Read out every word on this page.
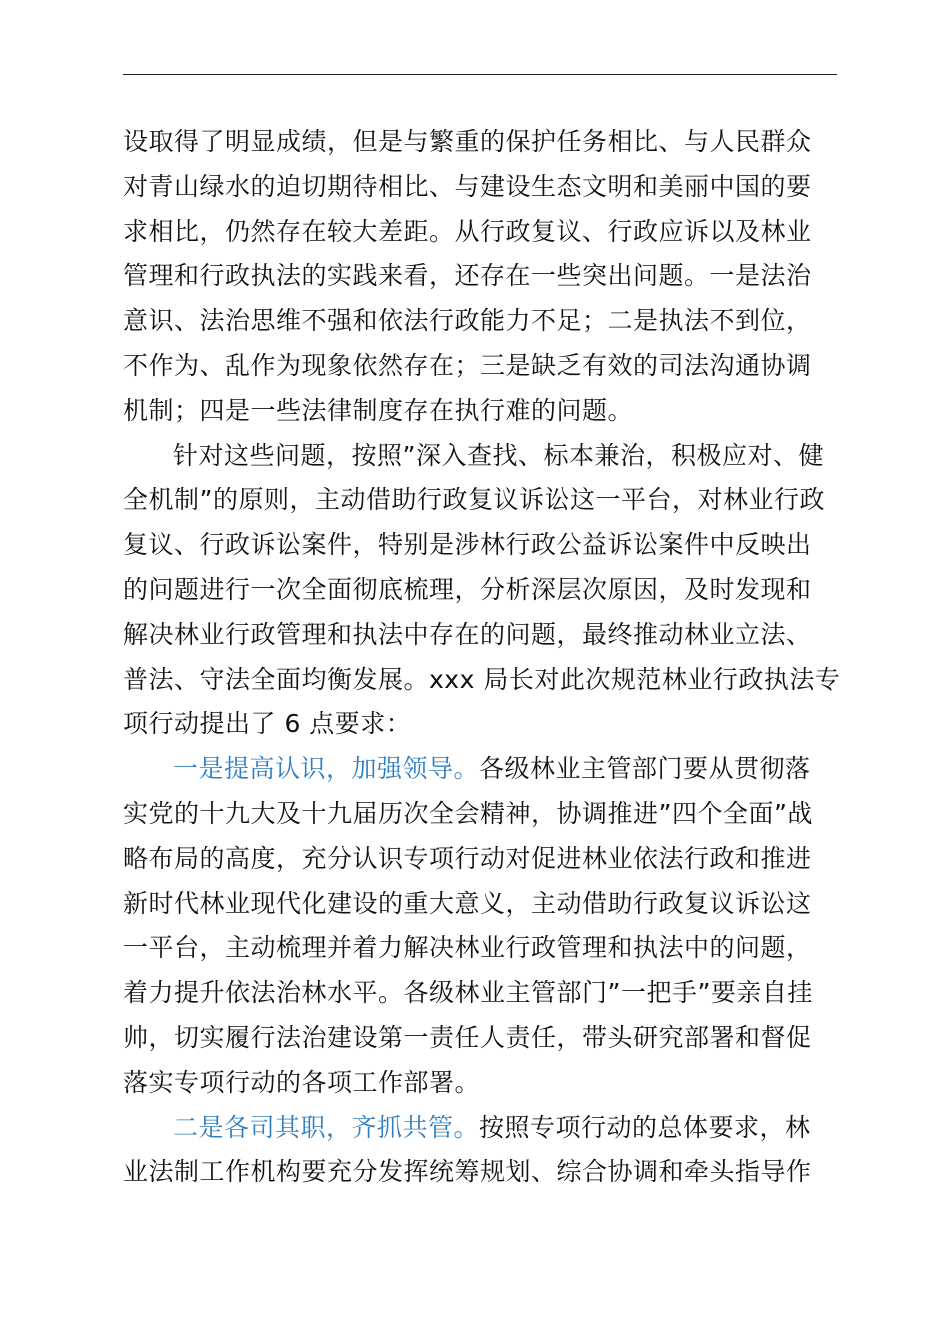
设取得了明显成绩，但是与繁重的保护任务相比、与人民群众
对青山绿水的迫切期待相比、与建设生态文明和美丽中国的要
求相比，仍然存在较大差距。从行政复议、行政应诉以及林业
管理和行政执法的实践来看，还存在一些突出问题。一是法治
意识、法治思维不强和依法行政能力不足；二是执法不到位，
不作为、乱作为现象依然存在；三是缺乏有效的司法沟通协调
机制；四是一些法律制度存在执行难的问题。

针对这些问题，按照”深入查找、标本兼治，积极应对、健
全机制”的原则，主动借助行政复议诉讼这一平台，对林业行政
复议、行政诉讼案件，特别是涉林行政公益诉讼案件中反映出
的问题进行一次全面彻底梳理，分析深层次原因，及时发现和
解决林业行政管理和执法中存在的问题，最终推动林业立法、
普法、守法全面均衡发展。xxx 局长对此次规范林业行政执法专
项行动提出了 6 点要求：

一是提高认识，加强领导。各级林业主管部门要从贯彻落
实党的十九大及十九届历次全会精神，协调推进”四个全面”战
略布局的高度，充分认识专项行动对促进林业依法行政和推进
新时代林业现代化建设的重大意义，主动借助行政复议诉讼这
一平台，主动梳理并着力解决林业行政管理和执法中的问题，
着力提升依法治林水平。各级林业主管部门”一把手”要亲自挂
帅，切实履行法治建设第一责任人责任，带头研究部署和督促
落实专项行动的各项工作部署。

二是各司其职，齐抓共管。按照专项行动的总体要求，林
业法制工作机构要充分发挥统筹规划、综合协调和牵头指导作
